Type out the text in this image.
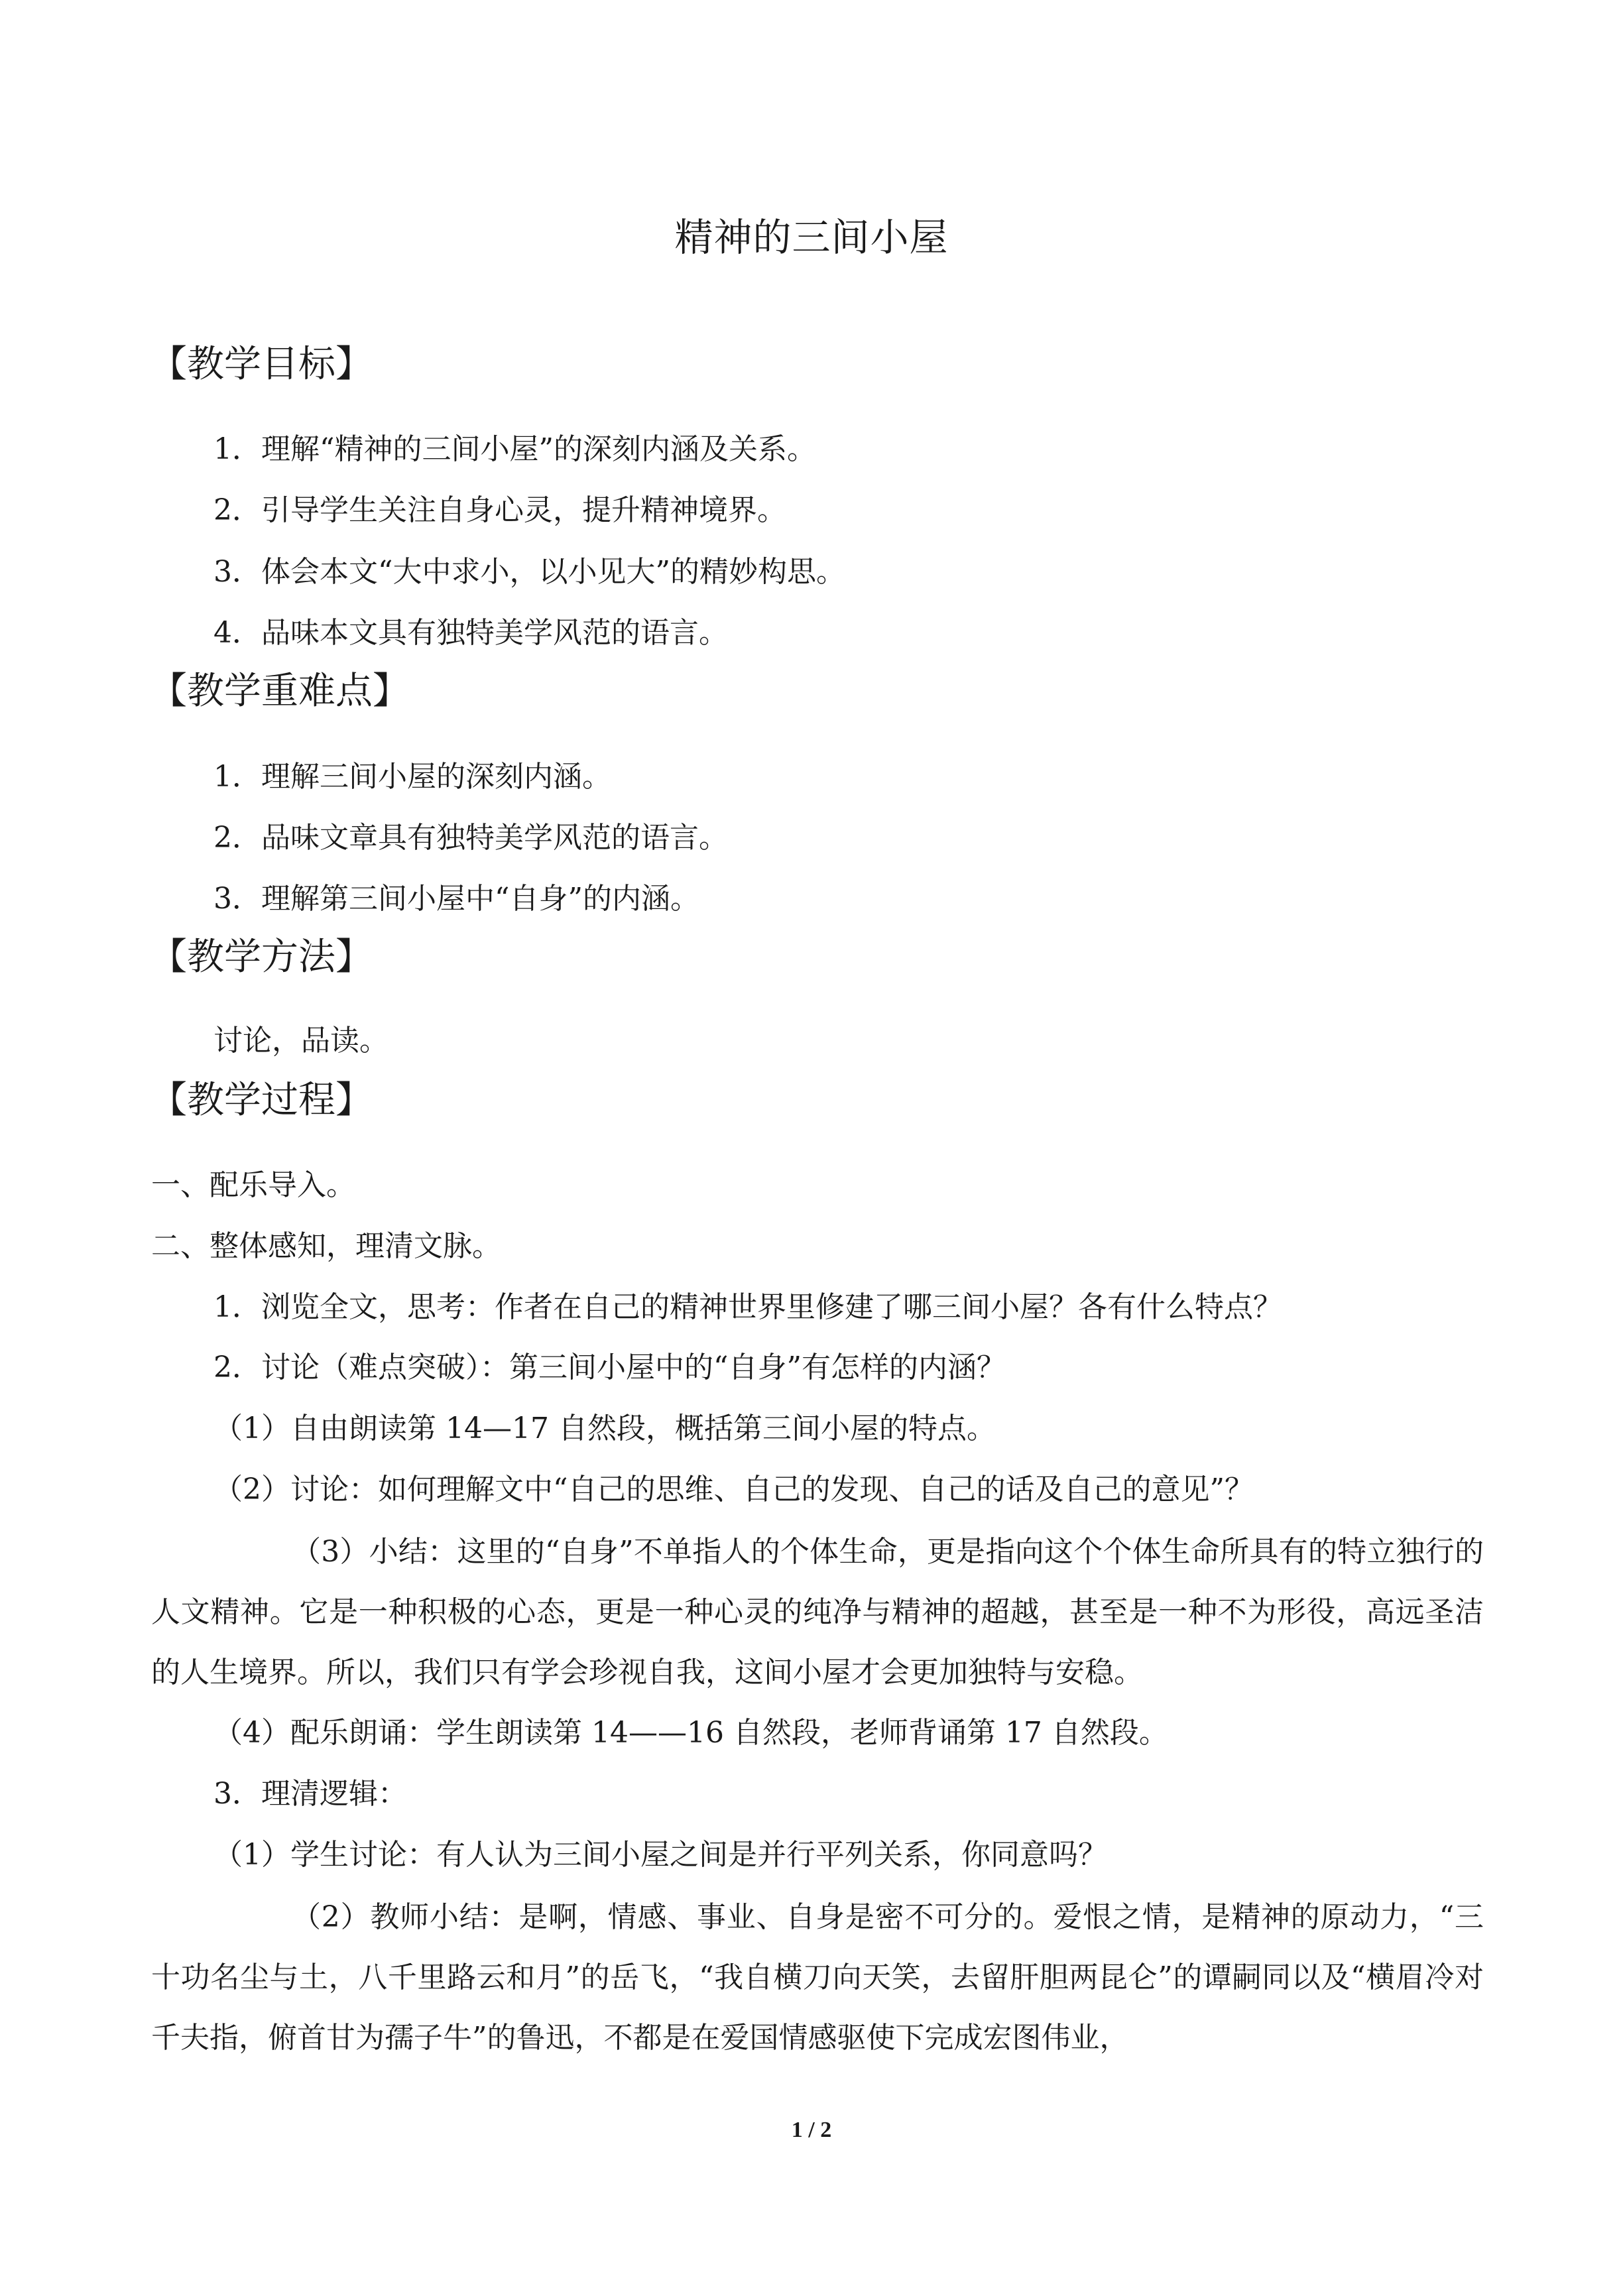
精神的三间小屋
【教学目标】
1．理解“精神的三间小屋”的深刻内涵及关系。
2．引导学生关注自身心灵，提升精神境界。
3．体会本文“大中求小，以小见大”的精妙构思。
4．品味本文具有独特美学风范的语言。
【教学重难点】
1．理解三间小屋的深刻内涵。
2．品味文章具有独特美学风范的语言。
3．理解第三间小屋中“自身”的内涵。
【教学方法】
讨论，品读。
【教学过程】
一、配乐导入。
二、整体感知，理清文脉。
1．浏览全文，思考：作者在自己的精神世界里修建了哪三间小屋？各有什么特点？
2．讨论（难点突破）：第三间小屋中的“自身”有怎样的内涵？
（1）自由朗读第 14—17 自然段，概括第三间小屋的特点。
（2）讨论：如何理解文中“自己的思维、自己的发现、自己的话及自己的意见”？
（3）小结：这里的“自身”不单指人的个体生命，更是指向这个个体生命所具有的特立独行的人文精神。它是一种积极的心态，更是一种心灵的纯净与精神的超越，甚至是一种不为形役，高远圣洁的人生境界。所以，我们只有学会珍视自我，这间小屋才会更加独特与安稳。
（4）配乐朗诵：学生朗读第 14——16 自然段，老师背诵第 17 自然段。
3．理清逻辑：
（1）学生讨论：有人认为三间小屋之间是并行平列关系，你同意吗？
（2）教师小结：是啊，情感、事业、自身是密不可分的。爱恨之情，是精神的原动力，“三十功名尘与土，八千里路云和月”的岳飞，“我自横刀向天笑，去留肝胆两昆仑”的谭嗣同以及“横眉冷对千夫指，俯首甘为孺子牛”的鲁迅，不都是在爱国情感驱使下完成宏图伟业，
1 / 2
